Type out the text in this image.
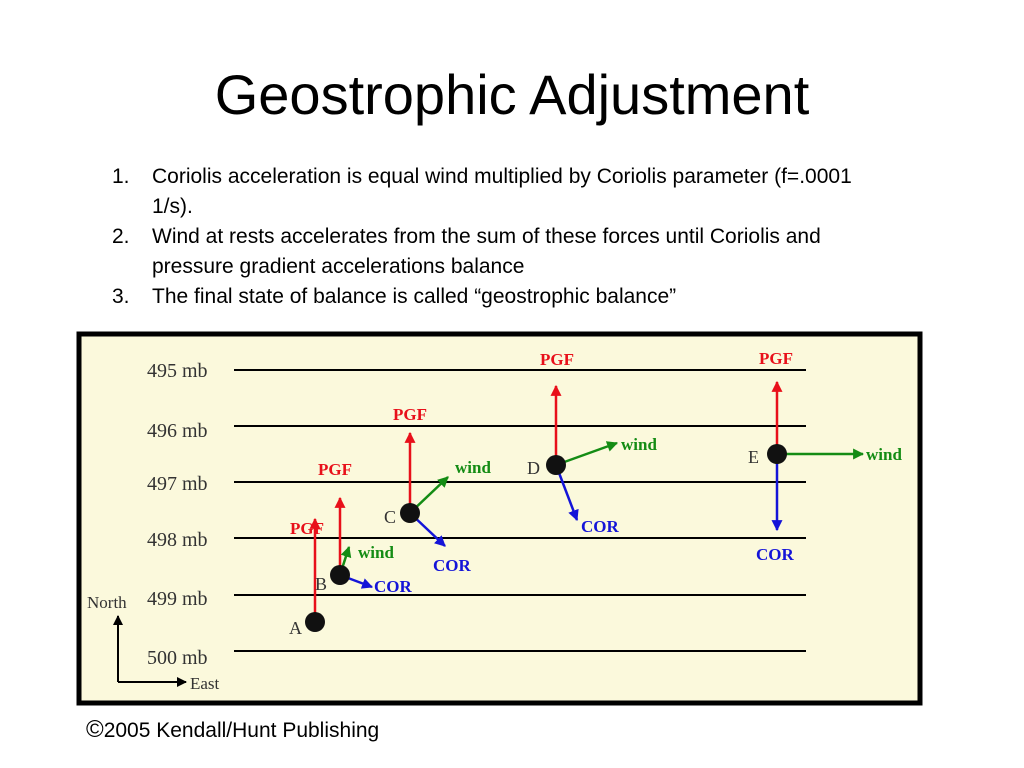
Geostrophic Adjustment
1. Coriolis acceleration is equal wind multiplied by Coriolis parameter (f=.0001 1/s).
2. Wind at rests accelerates from the sum of these forces until Coriolis and pressure gradient accelerations balance
3. The final state of balance is called “geostrophic balance”
495 mb
496 mb
497 mb
498 mb
499 mb
500 mb
North
East
A
PGF
B
PGF
wind
COR
C
PGF
wind
COR
D
PGF
wind
COR
E
PGF
wind
COR
©2005 Kendall/Hunt Publishing
